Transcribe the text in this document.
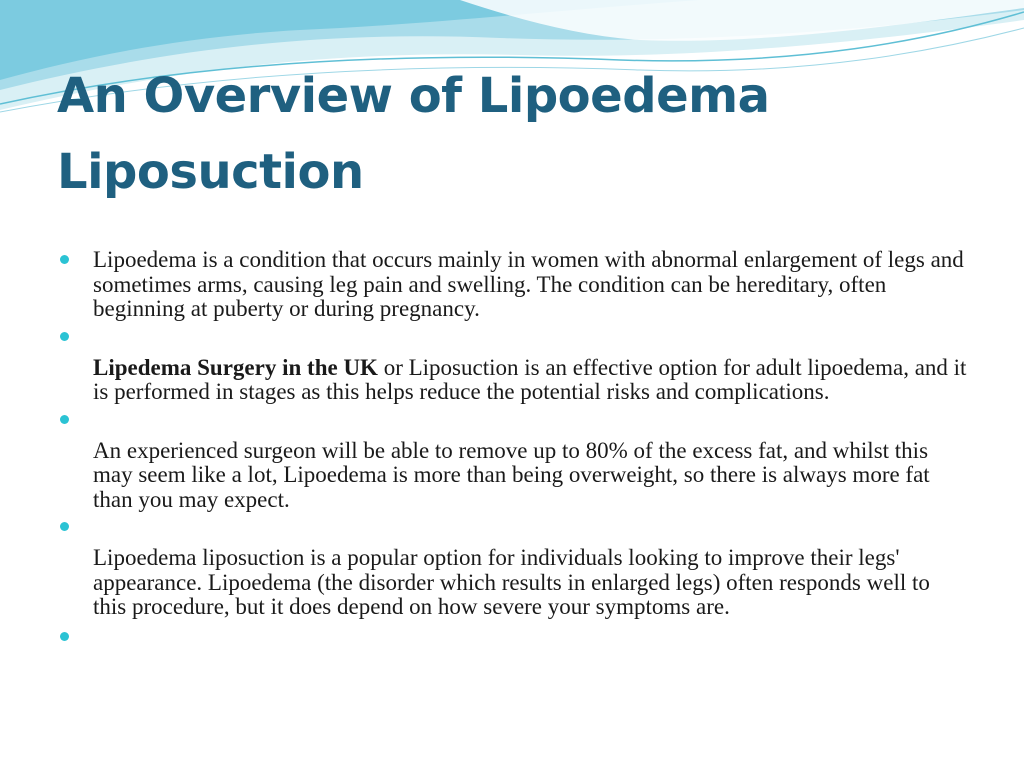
An Overview of Lipoedema
Liposuction
Lipoedema is a condition that occurs mainly in women with abnormal enlargement of legs and sometimes arms, causing leg pain and swelling. The condition can be hereditary, often beginning at puberty or during pregnancy.
Lipedema Surgery in the UK or Liposuction is an effective option for adult lipoedema, and it is performed in stages as this helps reduce the potential risks and complications.
An experienced surgeon will be able to remove up to 80% of the excess fat, and whilst this may seem like a lot, Lipoedema is more than being overweight, so there is always more fat than you may expect.
Lipoedema liposuction is a popular option for individuals looking to improve their legs' appearance. Lipoedema (the disorder which results in enlarged legs) often responds well to this procedure, but it does depend on how severe your symptoms are.
